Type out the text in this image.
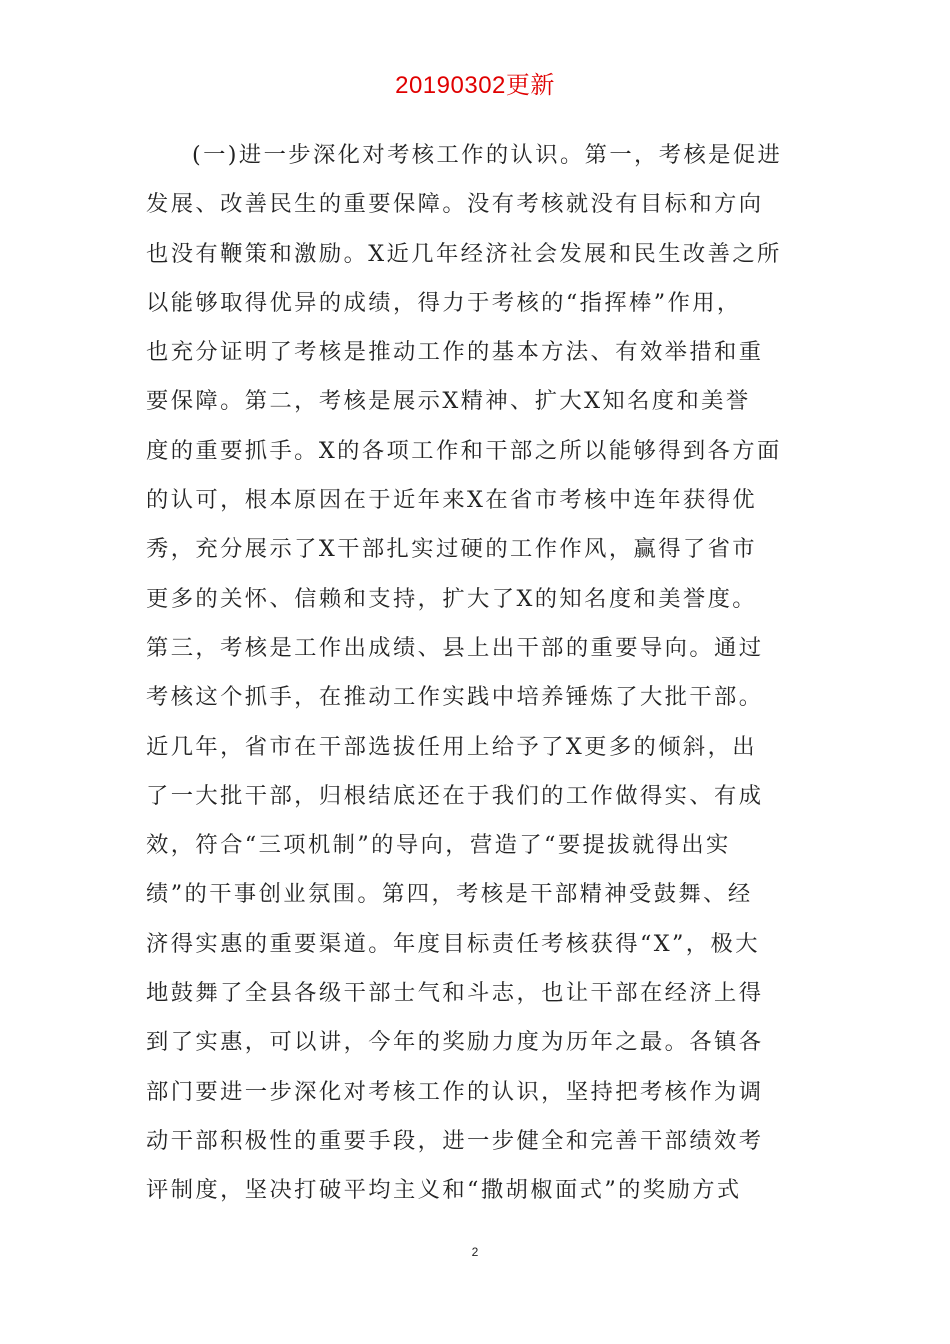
20190302更新
(一)进一步深化对考核工作的认识。第一，考核是促进
发展、改善民生的重要保障。没有考核就没有目标和方向
也没有鞭策和激励。X近几年经济社会发展和民生改善之所
以能够取得优异的成绩，得力于考核的“指挥棒”作用，
也充分证明了考核是推动工作的基本方法、有效举措和重
要保障。第二，考核是展示X精神、扩大X知名度和美誉
度的重要抓手。X的各项工作和干部之所以能够得到各方面
的认可，根本原因在于近年来X在省市考核中连年获得优
秀，充分展示了X干部扎实过硬的工作作风，赢得了省市
更多的关怀、信赖和支持，扩大了X的知名度和美誉度。
第三，考核是工作出成绩、县上出干部的重要导向。通过
考核这个抓手，在推动工作实践中培养锤炼了大批干部。
近几年，省市在干部选拔任用上给予了X更多的倾斜，出
了一大批干部，归根结底还在于我们的工作做得实、有成
效，符合“三项机制”的导向，营造了“要提拔就得出实
绩”的干事创业氛围。第四，考核是干部精神受鼓舞、经
济得实惠的重要渠道。年度目标责任考核获得“X”，极大
地鼓舞了全县各级干部士气和斗志，也让干部在经济上得
到了实惠，可以讲，今年的奖励力度为历年之最。各镇各
部门要进一步深化对考核工作的认识，坚持把考核作为调
动干部积极性的重要手段，进一步健全和完善干部绩效考
评制度，坚决打破平均主义和“撒胡椒面式”的奖励方式
2
